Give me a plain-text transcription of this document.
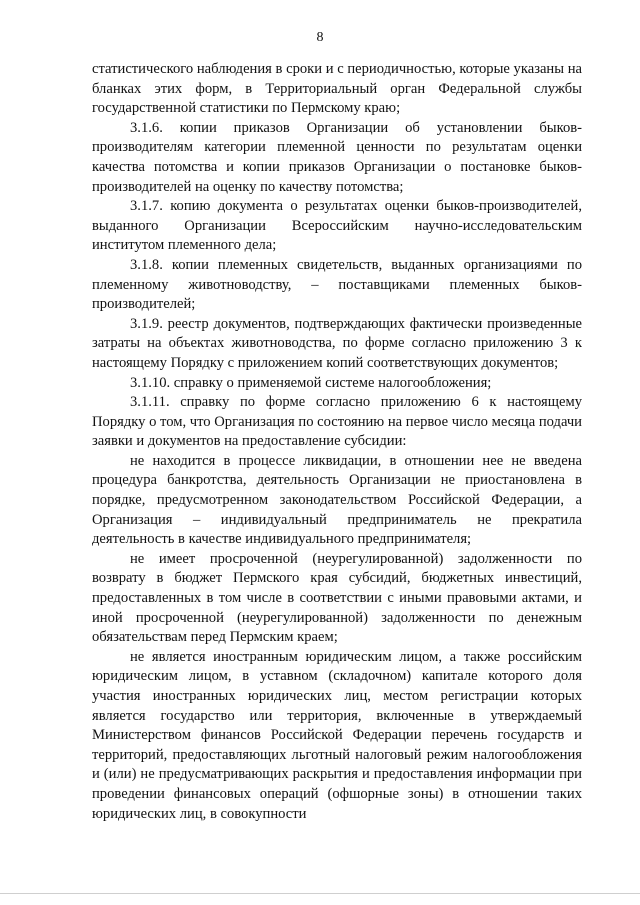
8

статистического наблюдения в сроки и с периодичностью, которые указаны на бланках этих форм, в Территориальный орган Федеральной службы государственной статистики по Пермскому краю;

3.1.6. копии приказов Организации об установлении быков-производителям категории племенной ценности по результатам оценки качества потомства и копии приказов Организации о постановке быков-производителей на оценку по качеству потомства;

3.1.7. копию документа о результатах оценки быков-производителей, выданного Организации Всероссийским научно-исследовательским институтом племенного дела;

3.1.8. копии племенных свидетельств, выданных организациями по племенному животноводству, – поставщиками племенных быков-производителей;

3.1.9. реестр документов, подтверждающих фактически произведенные затраты на объектах животноводства, по форме согласно приложению 3 к настоящему Порядку с приложением копий соответствующих документов;

3.1.10. справку о применяемой системе налогообложения;

3.1.11. справку по форме согласно приложению 6 к настоящему Порядку о том, что Организация по состоянию на первое число месяца подачи заявки и документов на предоставление субсидии:

не находится в процессе ликвидации, в отношении нее не введена процедура банкротства, деятельность Организации не приостановлена в порядке, предусмотренном законодательством Российской Федерации, а Организация – индивидуальный предприниматель не прекратила деятельность в качестве индивидуального предпринимателя;

не имеет просроченной (неурегулированной) задолженности по возврату в бюджет Пермского края субсидий, бюджетных инвестиций, предоставленных в том числе в соответствии с иными правовыми актами, и иной просроченной (неурегулированной) задолженности по денежным обязательствам перед Пермским краем;

не является иностранным юридическим лицом, а также российским юридическим лицом, в уставном (складочном) капитале которого доля участия иностранных юридических лиц, местом регистрации которых является государство или территория, включенные в утверждаемый Министерством финансов Российской Федерации перечень государств и территорий, предоставляющих льготный налоговый режим налогообложения и (или) не предусматривающих раскрытия и предоставления информации при проведении финансовых операций (офшорные зоны) в отношении таких юридических лиц, в совокупности
